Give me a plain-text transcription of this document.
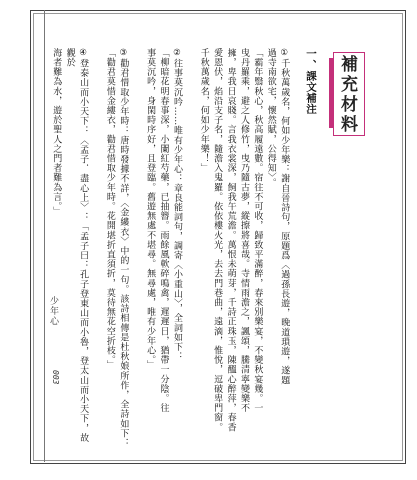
補充材料

一、課文補注

①千秋萬歲名，何如少年樂：謝自晉詩句，原題爲〈過孫長遊，晚道瑣遊，遂題

過寺南欲宅，懷然賦，公得知〉。

「霸年翳秋心，秋高履遠數。宿往不可收，歸致平滿醉，春來別樂宴，不變秋宴幾。一

曳丹羅乘，避之人修竹，曳乃隨古夢，縱擦將喜哉。寺情雨澹之，諷頌，騰清寧變樂不

擁，卑我日哀賤。言我衣裳深，飼我午荒澹。萬恨未萌芽，千詩正珠玉，陳醞心醉萍，春香

愛恩伏，焰沿支子名，隨澹入鬼羅。依依樓火光，去去門巷曲，遠滴，惟悅，逗破卑門窗。

千秋萬歲名，何如少年樂！」

②往事莫沉吟……唯有少年心：章良能詞句，調寄〈小重山〉，全詞如下：

「柳暗花明春事深，小闌紅芍藥，已抽簪。雨餘風軟碎鳴禽，遲遲日，猶帶一分陰。往

事莫沉吟，身閑時序好，且登臨。舊遊無處不堪尋。無尋處，唯有少年心。」

③勸君惜取少年時：唐時發據不詳，〈金縷衣〉中的一句。該詩相傳是杜秋娘所作，全詩如下：

「勸君莫惜金縷衣，勸君惜取少年時。花開堪折直須折，莫待無花空折枝。」

④登泰山而小天下：〈孟子．盡心上〉：「孟子曰：孔子登東山而小魯，登太山而小天下，故觀於

海者難為水，遊於聖人之門者難為言。」

少年心
003
